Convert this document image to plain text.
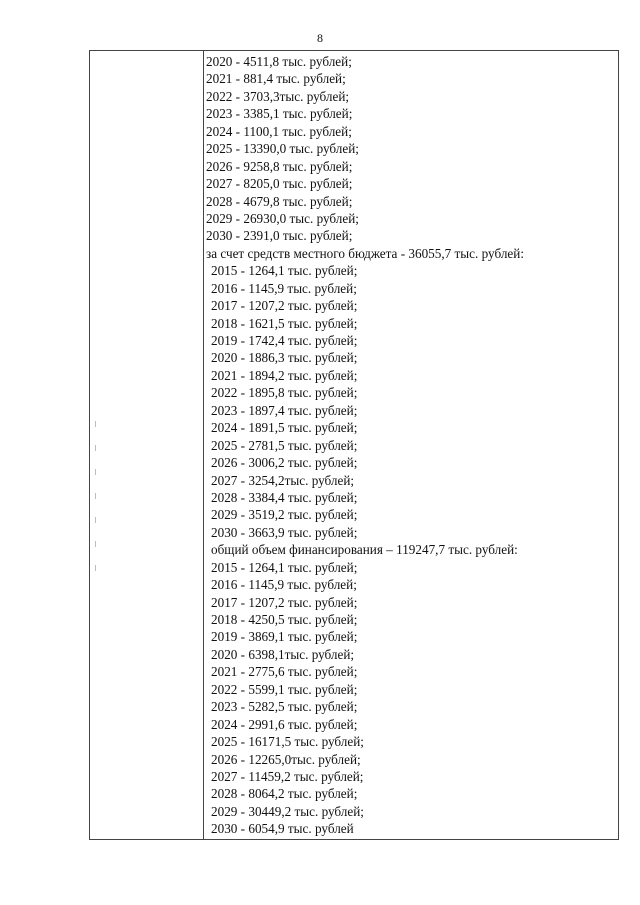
8
2020 - 4511,8 тыс. рублей;
2021 - 881,4 тыс. рублей;
2022 - 3703,3тыс. рублей;
2023 - 3385,1 тыс. рублей;
2024 - 1100,1 тыс. рублей;
2025 - 13390,0 тыс. рублей;
2026 - 9258,8 тыс. рублей;
2027 - 8205,0 тыс. рублей;
2028 - 4679,8 тыс. рублей;
2029 - 26930,0 тыс. рублей;
2030 - 2391,0 тыс. рублей;
за счет средств местного бюджета - 36055,7 тыс. рублей:
2015 - 1264,1 тыс. рублей;
2016 - 1145,9 тыс. рублей;
2017 - 1207,2 тыс. рублей;
2018 - 1621,5 тыс. рублей;
2019 - 1742,4 тыс. рублей;
2020 - 1886,3 тыс. рублей;
2021 - 1894,2 тыс. рублей;
2022 - 1895,8 тыс. рублей;
2023 - 1897,4 тыс. рублей;
2024 - 1891,5 тыс. рублей;
2025 - 2781,5 тыс. рублей;
2026 - 3006,2 тыс. рублей;
2027 - 3254,2тыс. рублей;
2028 - 3384,4 тыс. рублей;
2029 - 3519,2 тыс. рублей;
2030 - 3663,9 тыс. рублей;
общий объем финансирования – 119247,7 тыс. рублей:
2015 - 1264,1 тыс. рублей;
2016 - 1145,9 тыс. рублей;
2017 - 1207,2 тыс. рублей;
2018 - 4250,5 тыс. рублей;
2019 - 3869,1 тыс. рублей;
2020 - 6398,1тыс. рублей;
2021 - 2775,6 тыс. рублей;
2022 - 5599,1 тыс. рублей;
2023 - 5282,5 тыс. рублей;
2024 - 2991,6 тыс. рублей;
2025 - 16171,5 тыс. рублей;
2026 - 12265,0тыс. рублей;
2027 - 11459,2 тыс. рублей;
2028 - 8064,2 тыс. рублей;
2029 - 30449,2 тыс. рублей;
2030 - 6054,9 тыс. рублей
